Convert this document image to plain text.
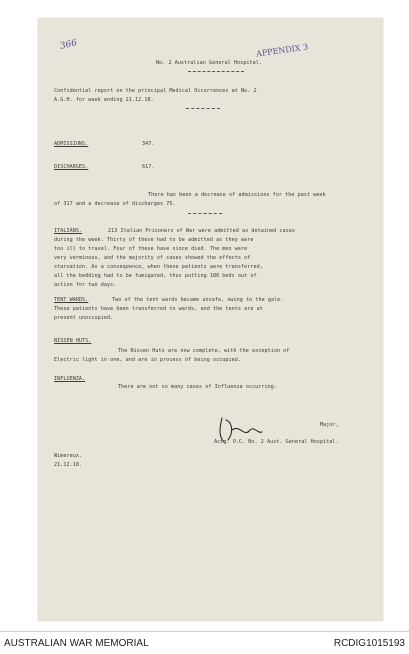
366	APPENDIX 3
No. 2 Australian General Hospital.
Confidential report on the principal Medical Occurrences at No. 2
A.G.H. for week ending 21.12.18.
ADMISSIONS.	347.
DISCHARGES.	617.
There has been a decrease of admissions for the past week
of 317 and a decrease of discharges 75.
ITALIANS.	213 Italian Prisoners of War were admitted as detained cases
during the week. Thirty of these had to be admitted as they were
too ill to travel. Four of these have since died. The men were
very verminous, and the majority of cases showed the effects of
starvation. As a consequence, when these patients were transferred,
all the bedding had to be fumigated, thus putting 180 beds out of
action for two days.
TENT WARDS.	Two of the tent wards became unsafe, owing to the gale.
These patients have been transferred to wards, and the tents are at
present unoccupied.
NISSEN HUTS.
The Nissen Huts are now complete, with the exception of
Electric light in one, and are in process of being occupied.
INFLUENZA.
There are not so many cases of Influenza occurring.
Major,
Actg. O.C. No. 2 Aust. General Hospital.
Wimereux.
21.12.18.
AUSTRALIAN WAR MEMORIAL	RCDIG1015193
